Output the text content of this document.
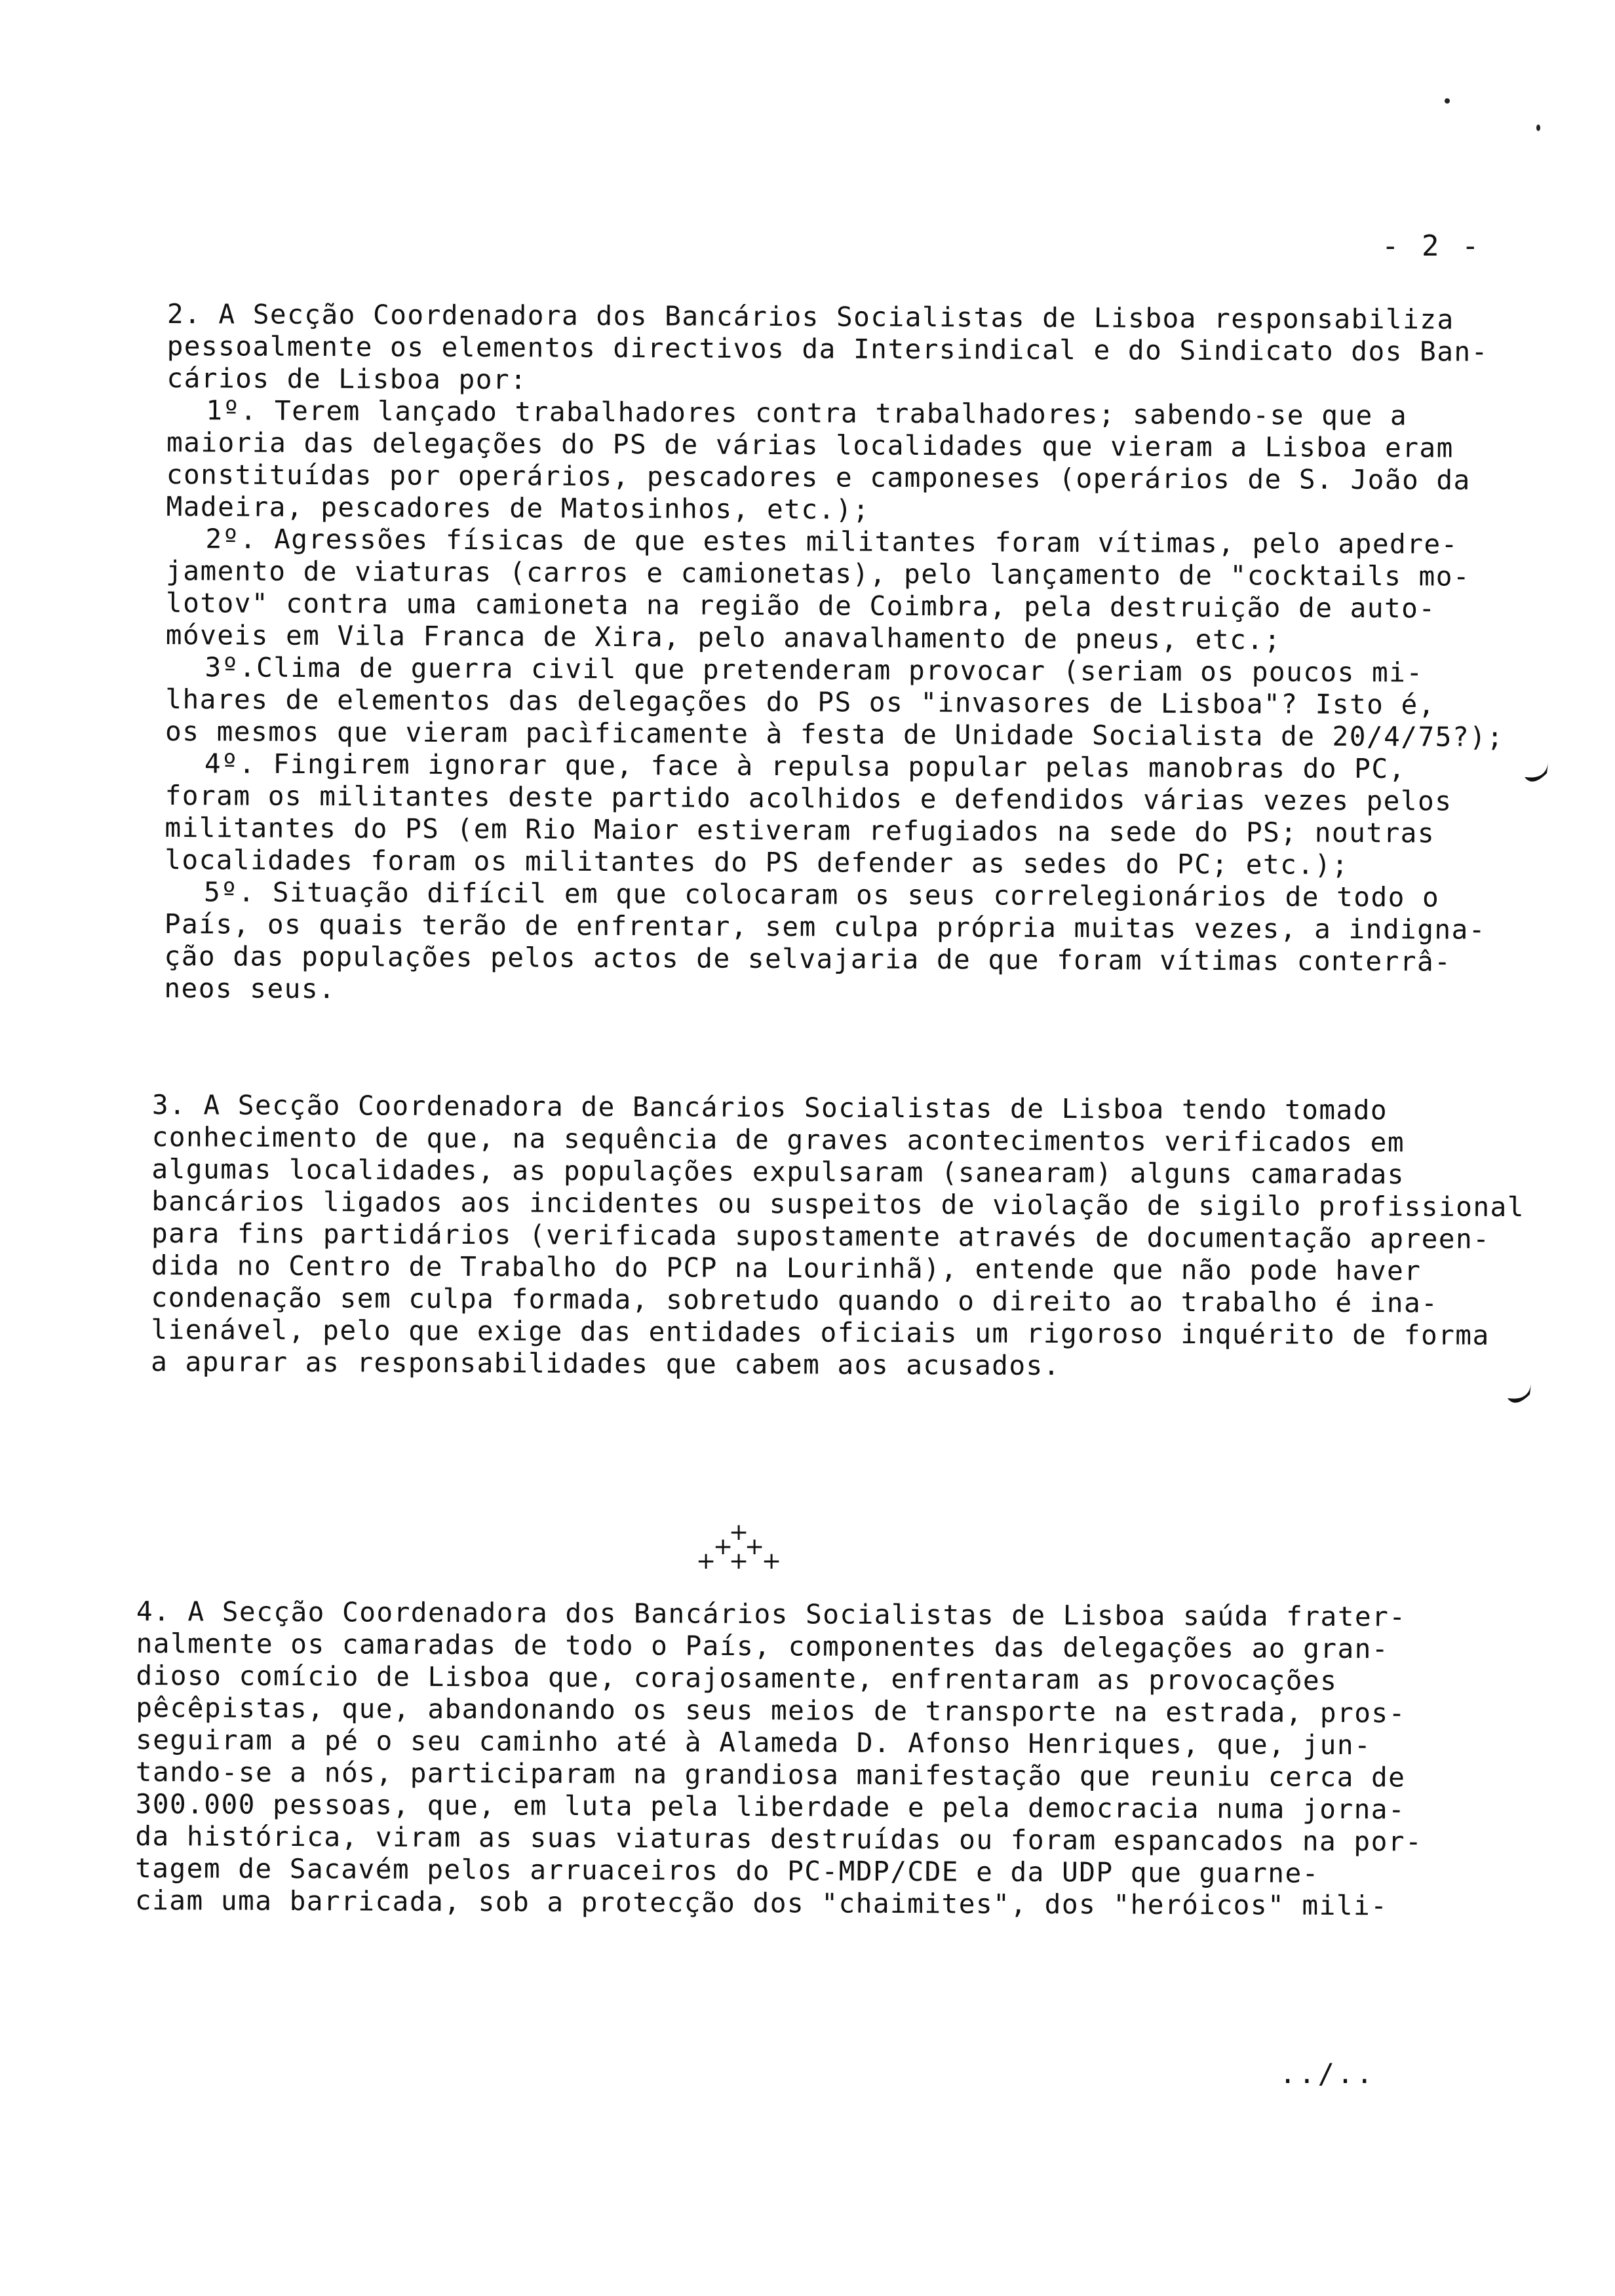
- 2 -
2. A Secção Coordenadora dos Bancários Socialistas de Lisboa responsabiliza
pessoalmente os elementos directivos da Intersindical e do Sindicato dos Ban-
cários de Lisboa por:
1º. Terem lançado trabalhadores contra trabalhadores; sabendo-se que a
maioria das delegações do PS de várias localidades que vieram a Lisboa eram
constituídas por operários, pescadores e camponeses (operários de S. João da
Madeira, pescadores de Matosinhos, etc.);
2º. Agressões físicas de que estes militantes foram vítimas, pelo apedre-
jamento de viaturas (carros e camionetas), pelo lançamento de "cocktails mo-
lotov" contra uma camioneta na região de Coimbra, pela destruição de auto-
móveis em Vila Franca de Xira, pelo anavalhamento de pneus, etc.;
3º.Clima de guerra civil que pretenderam provocar (seriam os poucos mi-
lhares de elementos das delegações do PS os "invasores de Lisboa"? Isto é,
os mesmos que vieram pacìficamente à festa de Unidade Socialista de 20/4/75?);
4º. Fingirem ignorar que, face à repulsa popular pelas manobras do PC,
foram os militantes deste partido acolhidos e defendidos várias vezes pelos
militantes do PS (em Rio Maior estiveram refugiados na sede do PS; noutras
localidades foram os militantes do PS defender as sedes do PC; etc.);
5º. Situação difícil em que colocaram os seus correlegionários de todo o
País, os quais terão de enfrentar, sem culpa própria muitas vezes, a indigna-
ção das populações pelos actos de selvajaria de que foram vítimas conterrâ-
neos seus.
3. A Secção Coordenadora de Bancários Socialistas de Lisboa tendo tomado
conhecimento de que, na sequência de graves acontecimentos verificados em
algumas localidades, as populações expulsaram (sanearam) alguns camaradas
bancários ligados aos incidentes ou suspeitos de violação de sigilo profissional
para fins partidários (verificada supostamente através de documentação apreen-
dida no Centro de Trabalho do PCP na Lourinhã), entende que não pode haver
condenação sem culpa formada, sobretudo quando o direito ao trabalho é ina-
lienável, pelo que exige das entidades oficiais um rigoroso inquérito de forma
a apurar as responsabilidades que cabem aos acusados.
+
+ +
+ + +
4. A Secção Coordenadora dos Bancários Socialistas de Lisboa saúda frater-
nalmente os camaradas de todo o País, componentes das delegações ao gran-
dioso comício de Lisboa que, corajosamente, enfrentaram as provocações
pêcêpistas, que, abandonando os seus meios de transporte na estrada, pros-
seguiram a pé o seu caminho até à Alameda D. Afonso Henriques, que, jun-
tando-se a nós, participaram na grandiosa manifestação que reuniu cerca de
300.000 pessoas, que, em luta pela liberdade e pela democracia numa jorna-
da histórica, viram as suas viaturas destruídas ou foram espancados na por-
tagem de Sacavém pelos arruaceiros do PC-MDP/CDE e da UDP que guarne-
ciam uma barricada, sob a protecção dos "chaimites", dos "heróicos" mili-
../..
